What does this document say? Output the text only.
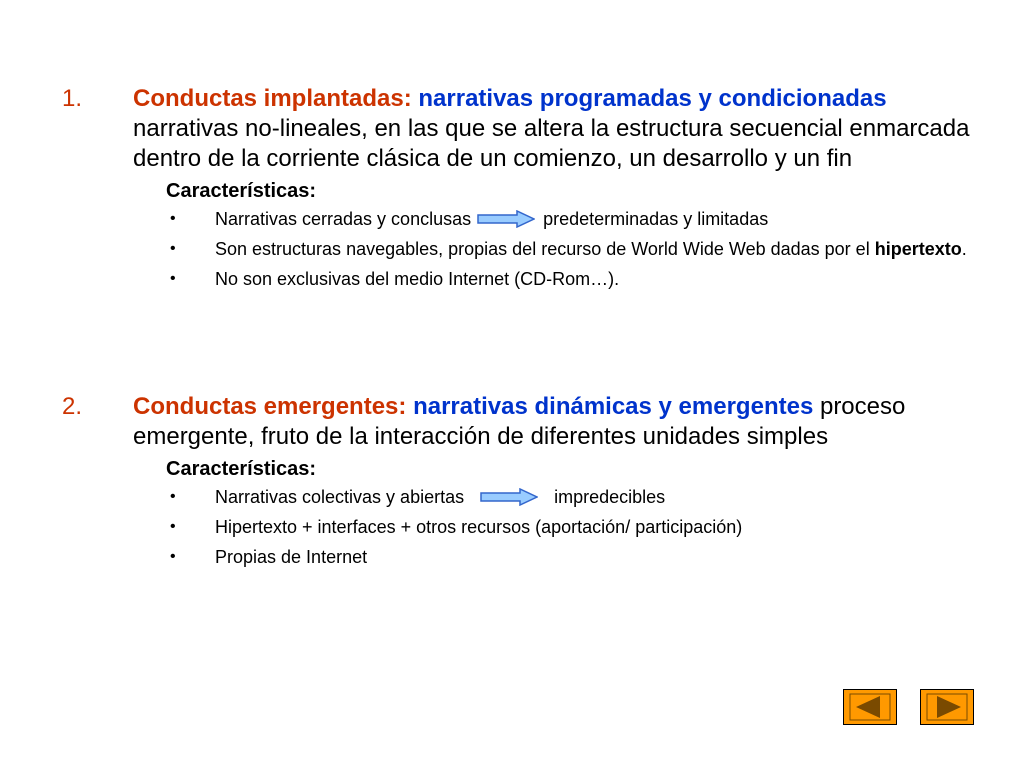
1. Conductas implantadas: narrativas programadas y condicionadas  narrativas no-lineales, en las que se altera la estructura secuencial enmarcada dentro de la corriente clásica de un comienzo, un desarrollo y un fin
Características:
• Narrativas cerradas y conclusas	predeterminadas y limitadas
• Son estructuras navegables, propias del recurso de World Wide Web dadas por el hipertexto.
• No son exclusivas del medio Internet (CD-Rom…).
2. Conductas emergentes: narrativas dinámicas y emergentes proceso emergente, fruto de la interacción de diferentes unidades simples
Características:
• Narrativas colectivas y abiertas	impredecibles
• Hipertexto + interfaces + otros recursos (aportación/ participación)
• Propias de Internet
